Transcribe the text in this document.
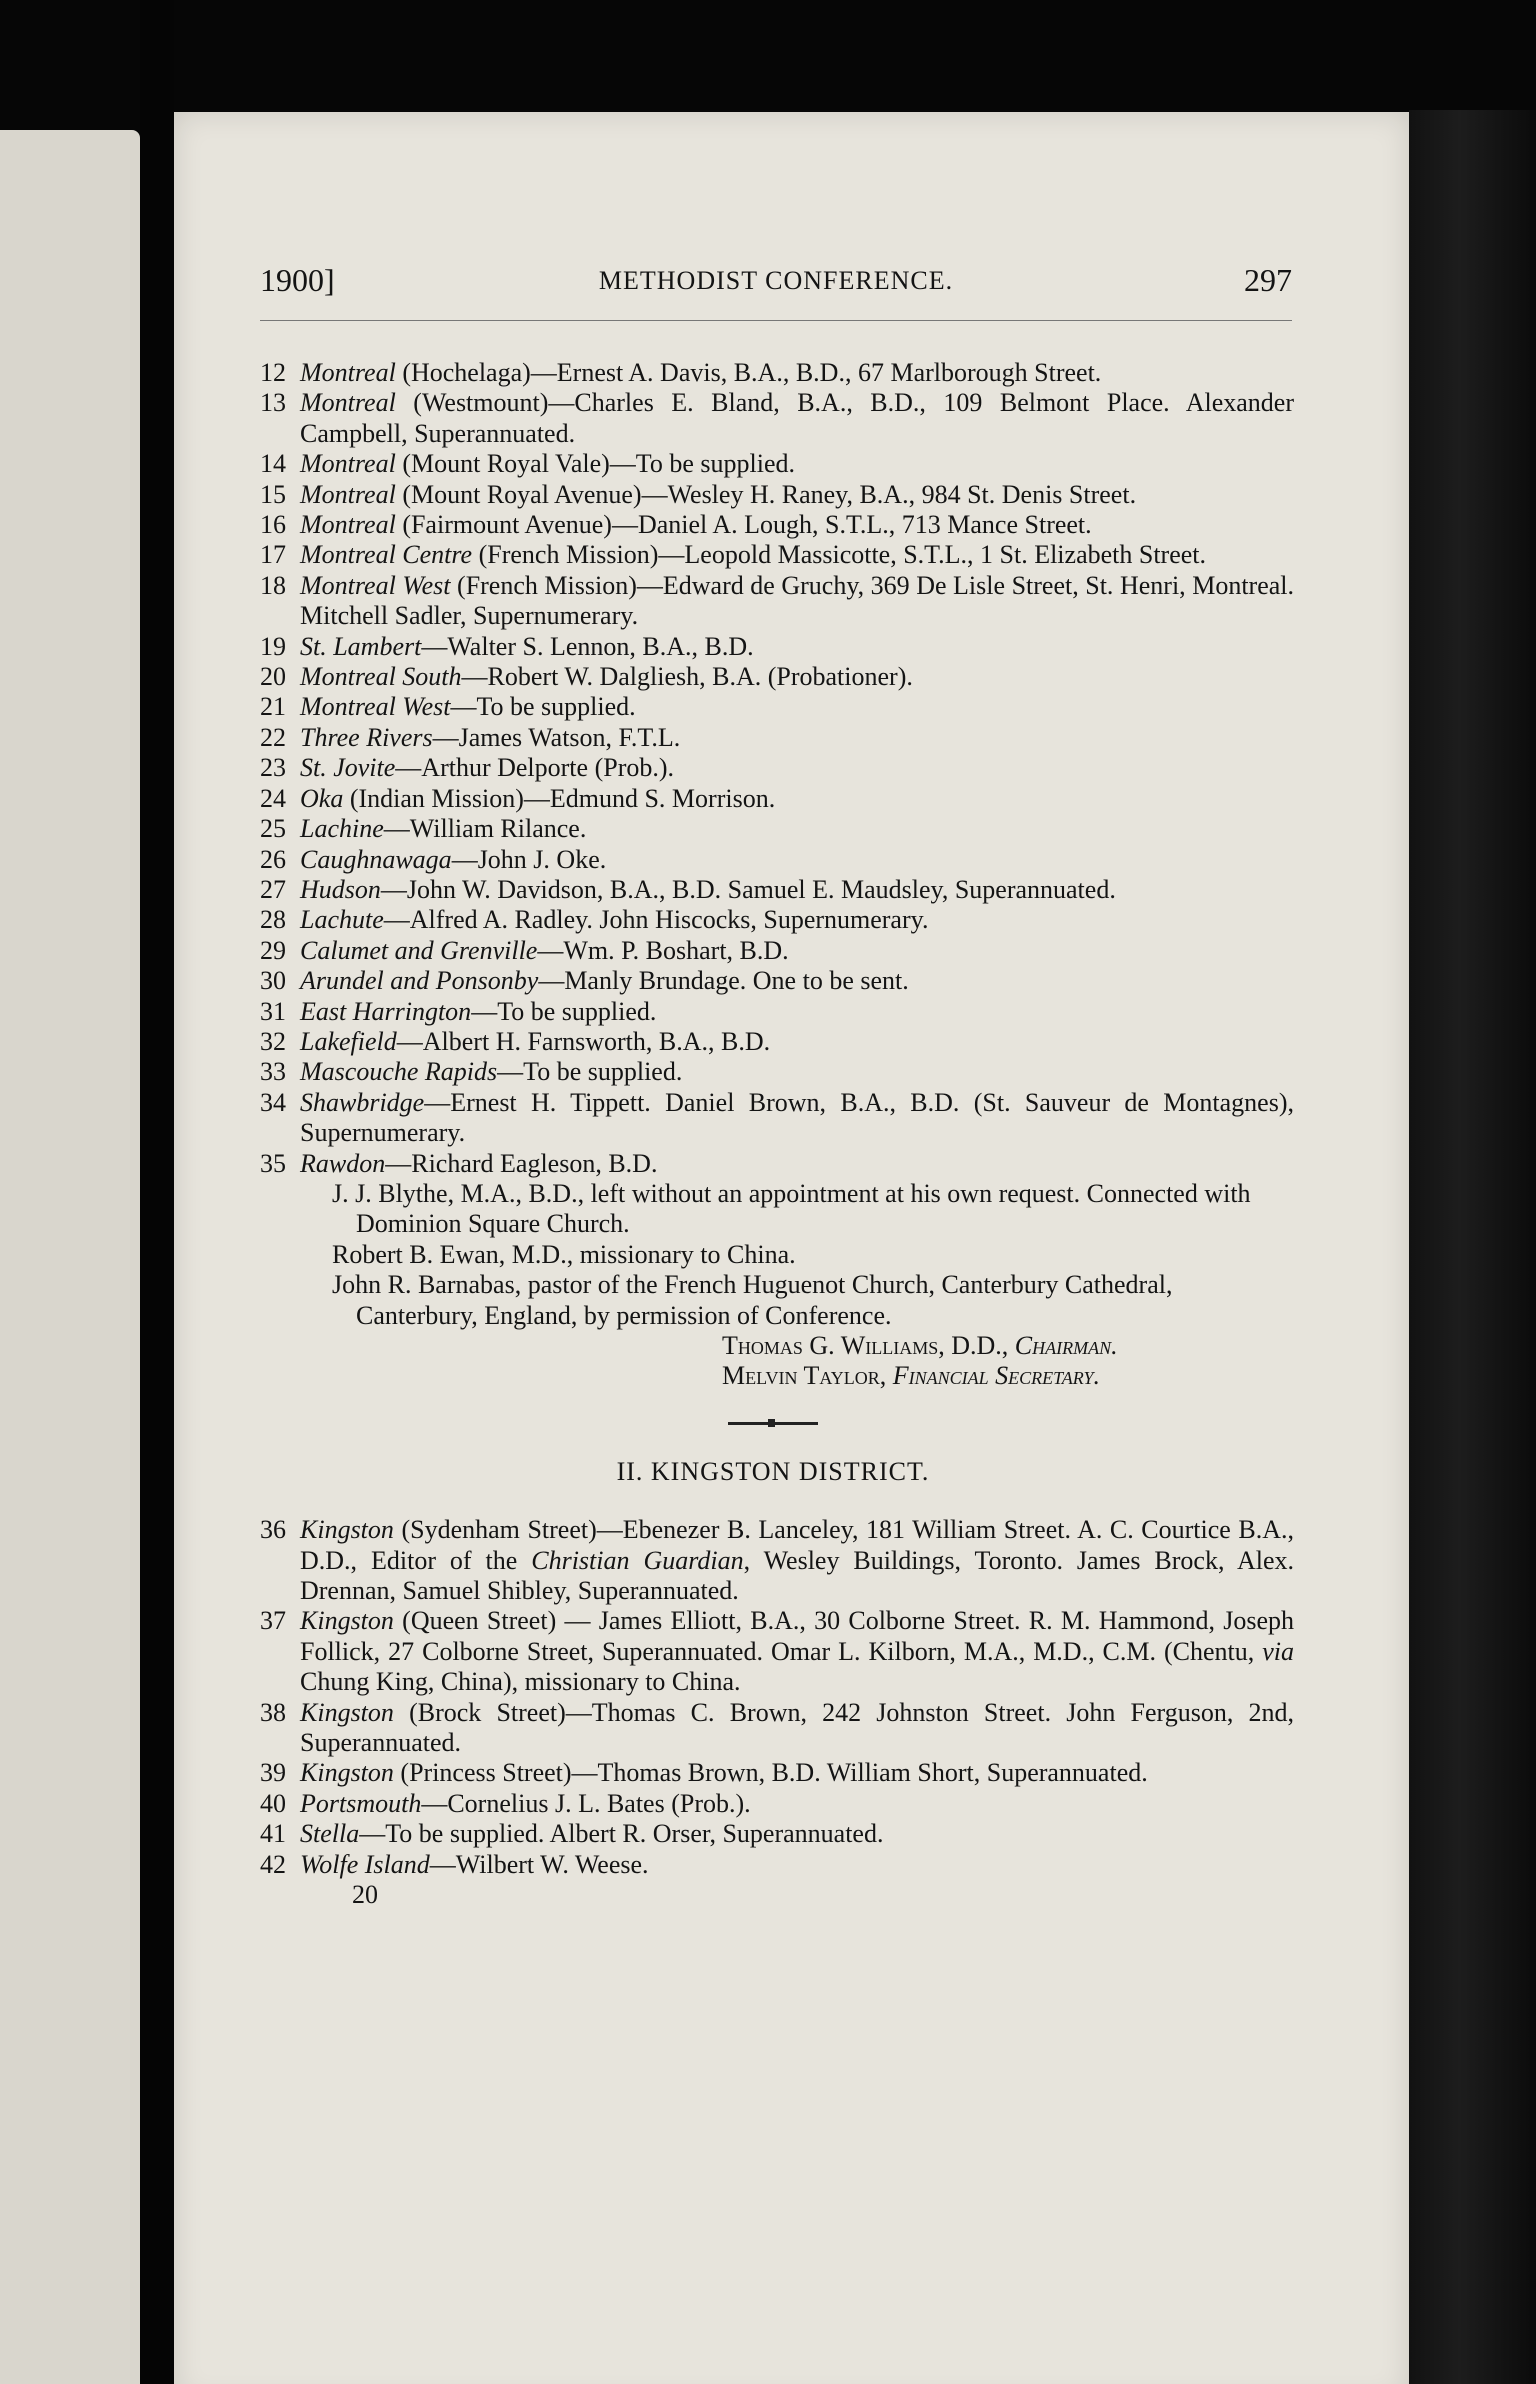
1900]	METHODIST CONFERENCE.	297
12 Montreal (Hochelaga)—Ernest A. Davis, B.A., B.D., 67 Marlborough Street.
13 Montreal (Westmount)—Charles E. Bland, B.A., B.D., 109 Belmont Place. Alexander Campbell, Superannuated.
14 Montreal (Mount Royal Vale)—To be supplied.
15 Montreal (Mount Royal Avenue)—Wesley H. Raney, B.A., 984 St. Denis Street.
16 Montreal (Fairmount Avenue)—Daniel A. Lough, S.T.L., 713 Mance Street.
17 Montreal Centre (French Mission)—Leopold Massicotte, S.T.L., 1 St. Elizabeth Street.
18 Montreal West (French Mission)—Edward de Gruchy, 369 De Lisle Street, St. Henri, Montreal. Mitchell Sadler, Supernumerary.
19 St. Lambert—Walter S. Lennon, B.A., B.D.
20 Montreal South—Robert W. Dalgliesh, B.A. (Probationer).
21 Montreal West—To be supplied.
22 Three Rivers—James Watson, F.T.L.
23 St. Jovite—Arthur Delporte (Prob.).
24 Oka (Indian Mission)—Edmund S. Morrison.
25 Lachine—William Rilance.
26 Caughnawaga—John J. Oke.
27 Hudson—John W. Davidson, B.A., B.D. Samuel E. Maudsley, Superannuated.
28 Lachute—Alfred A. Radley. John Hiscocks, Supernumerary.
29 Calumet and Grenville—Wm. P. Boshart, B.D.
30 Arundel and Ponsonby—Manly Brundage. One to be sent.
31 East Harrington—To be supplied.
32 Lakefield—Albert H. Farnsworth, B.A., B.D.
33 Mascouche Rapids—To be supplied.
34 Shawbridge—Ernest H. Tippett. Daniel Brown, B.A., B.D. (St. Sauveur de Montagnes), Supernumerary.
35 Rawdon—Richard Eagleson, B.D.
J. J. Blythe, M.A., B.D., left without an appointment at his own request. Connected with Dominion Square Church.
Robert B. Ewan, M.D., missionary to China.
John R. Barnabas, pastor of the French Huguenot Church, Canterbury Cathedral, Canterbury, England, by permission of Conference.
Thomas G. Williams, D.D., Chairman.
Melvin Taylor, Financial Secretary.
II. KINGSTON DISTRICT.
36 Kingston (Sydenham Street)—Ebenezer B. Lanceley, 181 William Street. A. C. Courtice B.A., D.D., Editor of the Christian Guardian, Wesley Buildings, Toronto. James Brock, Alex. Drennan, Samuel Shibley, Superannuated.
37 Kingston (Queen Street) — James Elliott, B.A., 30 Colborne Street. R. M. Hammond, Joseph Follick, 27 Colborne Street, Superannuated. Omar L. Kilborn, M.A., M.D., C.M. (Chentu, via Chung King, China), missionary to China.
38 Kingston (Brock Street)—Thomas C. Brown, 242 Johnston Street. John Ferguson, 2nd, Superannuated.
39 Kingston (Princess Street)—Thomas Brown, B.D. William Short, Superannuated.
40 Portsmouth—Cornelius J. L. Bates (Prob.).
41 Stella—To be supplied. Albert R. Orser, Superannuated.
42 Wolfe Island—Wilbert W. Weese.
20
